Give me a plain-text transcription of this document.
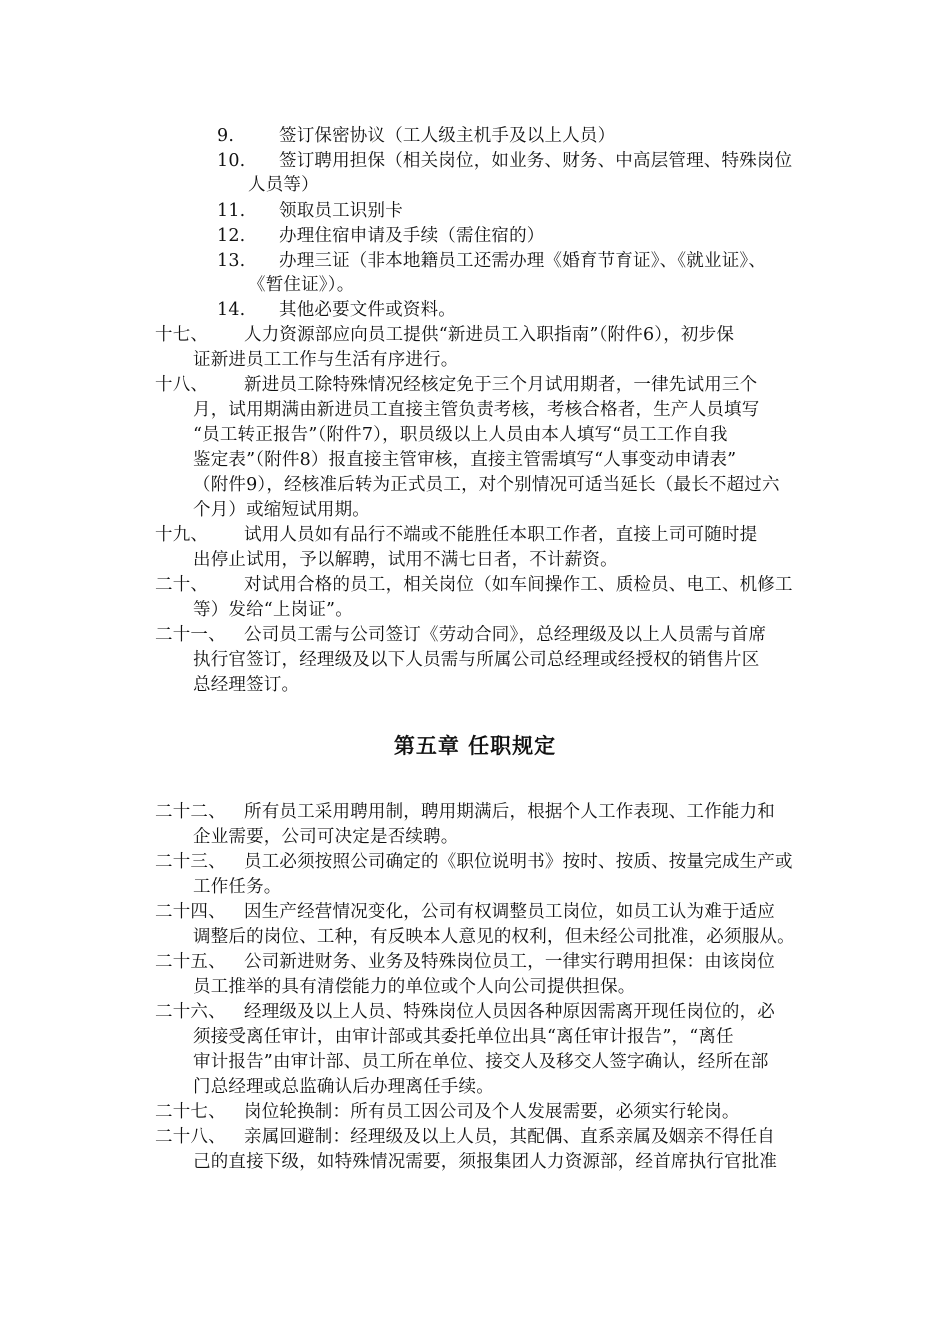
9.	签订保密协议（工人级主机手及以上人员）
10. 签订聘用担保（相关岗位，如业务、财务、中高层管理、特殊岗位
人员等）
11. 领取员工识别卡
12. 办理住宿申请及手续（需住宿的）
13. 办理三证（非本地籍员工还需办理《婚育节育证》、《就业证》、
《暂住证》）。
14. 其他必要文件或资料。
十七、 人力资源部应向员工提供“新进员工入职指南”（附件6），初步保
证新进员工工作与生活有序进行。
十八、 新进员工除特殊情况经核定免于三个月试用期者，一律先试用三个
月，试用期满由新进员工直接主管负责考核，考核合格者，生产人员填写
“员工转正报告”（附件7），职员级以上人员由本人填写“员工工作自我
鉴定表”（附件8）报直接主管审核，直接主管需填写“人事变动申请表”
（附件9），经核准后转为正式员工，对个别情况可适当延长（最长不超过六
个月）或缩短试用期。
十九、 试用人员如有品行不端或不能胜任本职工作者，直接上司可随时提
出停止试用，予以解聘，试用不满七日者，不计薪资。
二十、 对试用合格的员工，相关岗位（如车间操作工、质检员、电工、机修工
等）发给“上岗证”。
二十一、 公司员工需与公司签订《劳动合同》，总经理级及以上人员需与首席
执行官签订，经理级及以下人员需与所属公司总经理或经授权的销售片区
总经理签订。
第五章 任职规定
二十二、 所有员工采用聘用制，聘用期满后，根据个人工作表现、工作能力和
企业需要，公司可决定是否续聘。
二十三、 员工必须按照公司确定的《职位说明书》按时、按质、按量完成生产或
工作任务。
二十四、 因生产经营情况变化，公司有权调整员工岗位，如员工认为难于适应
调整后的岗位、工种，有反映本人意见的权利，但未经公司批准，必须服从。
二十五、 公司新进财务、业务及特殊岗位员工，一律实行聘用担保：由该岗位
员工推举的具有清偿能力的单位或个人向公司提供担保。
二十六、 经理级及以上人员、特殊岗位人员因各种原因需离开现任岗位的，必
须接受离任审计，由审计部或其委托单位出具“离任审计报告”，“离任
审计报告”由审计部、员工所在单位、接交人及移交人签字确认，经所在部
门总经理或总监确认后办理离任手续。
二十七、 岗位轮换制：所有员工因公司及个人发展需要，必须实行轮岗。
二十八、 亲属回避制：经理级及以上人员，其配偶、直系亲属及姻亲不得任自
己的直接下级，如特殊情况需要，须报集团人力资源部，经首席执行官批准
